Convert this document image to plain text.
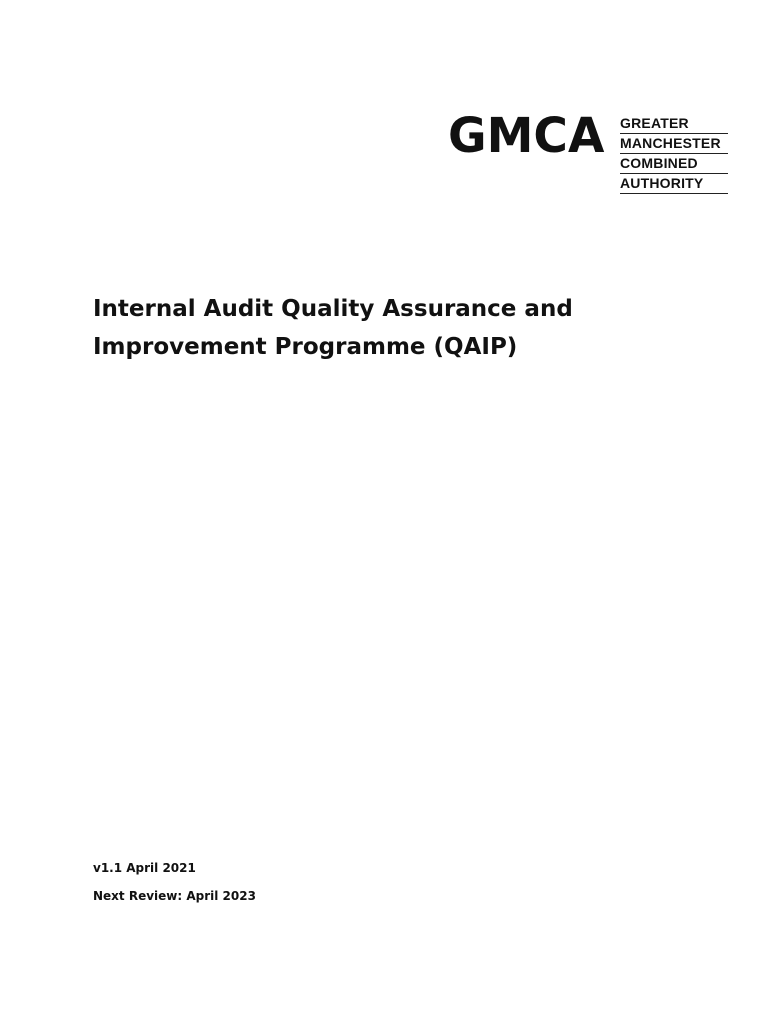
GMCA GREATER
MANCHESTER
COMBINED
AUTHORITY
Internal Audit Quality Assurance and
Improvement Programme (QAIP)
v1.1 April 2021
Next Review: April 2023
